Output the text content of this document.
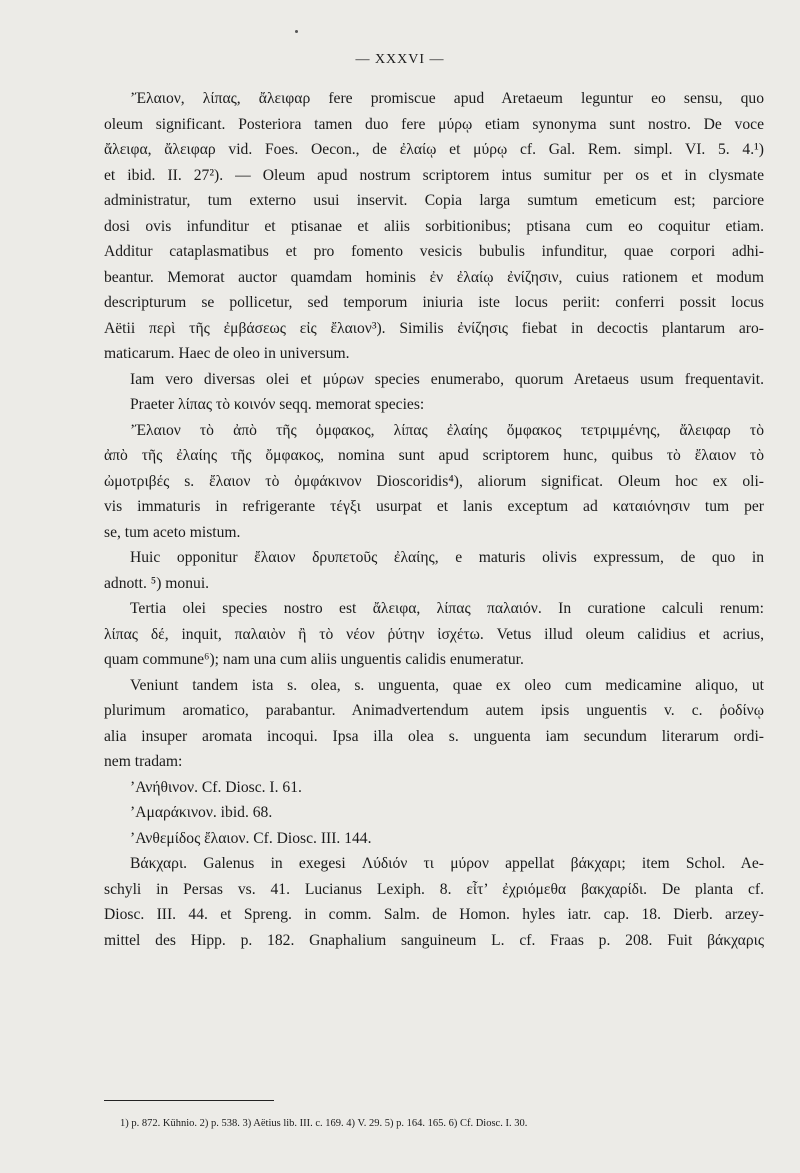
— XXXVI —
’Έλαιον, λίπας, ἄλειφαρ fere promiscue apud Aretaeum leguntur eo sensu, quo
oleum significant. Posteriora tamen duo fere μύρῳ etiam synonyma sunt nostro. De voce
ἄλειφα, ἄλειφαρ vid. Foes. Oecon., de ἐλαίῳ et μύρῳ cf. Gal. Rem. simpl. VI. 5. 4.¹)
et ibid. II. 27²). — Oleum apud nostrum scriptorem intus sumitur per os et in clysmate
administratur, tum externo usui inservit. Copia larga sumtum emeticum est; parciore
dosi ovis infunditur et ptisanae et aliis sorbitionibus; ptisana cum eo coquitur etiam.
Additur cataplasmatibus et pro fomento vesicis bubulis infunditur, quae corpori adhi-
beantur. Memorat auctor quamdam hominis ἐν ἐλαίῳ ἐνίζησιν, cuius rationem et modum
descripturum se pollicetur, sed temporum iniuria iste locus periit: conferri possit locus
Aëtii περὶ τῆς ἐμβάσεως εἰς ἔλαιον³). Similis ἐνίζησις fiebat in decoctis plantarum aro-
maticarum. Haec de oleo in universum.
Iam vero diversas olei et μύρων species enumerabo, quorum Aretaeus usum frequentavit.
Praeter λίπας τὸ κοινόν seqq. memorat species:
’Έλαιον τὸ ἀπὸ τῆς ὀμφακος, λίπας ἐλαίης ὄμφακος τετριμμένης, ἄλειφαρ τὸ
ἀπὸ τῆς ἐλαίης τῆς ὄμφακος, nomina sunt apud scriptorem hunc, quibus τὸ ἔλαιον τὸ
ὠμοτριβές s. ἔλαιον τὸ ὀμφάκινον Dioscoridis⁴), aliorum significat. Oleum hoc ex oli-
vis immaturis in refrigerante τέγξι usurpat et lanis exceptum ad καταιόνησιν tum per
se, tum aceto mistum.
Huic opponitur ἔλαιον δρυπετοῦς ἐλαίης, e maturis olivis expressum, de quo in
adnott. ⁵) monui.
Tertia olei species nostro est ἄλειφα, λίπας παλαιόν. In curatione calculi renum:
λίπας δέ, inquit, παλαιὸν ἢ τὸ νέον ῥύτην ἰσχέτω. Vetus illud oleum calidius et acrius,
quam commune⁶); nam una cum aliis unguentis calidis enumeratur.
Veniunt tandem ista s. olea, s. unguenta, quae ex oleo cum medicamine aliquo, ut
plurimum aromatico, parabantur. Animadvertendum autem ipsis unguentis v. c. ῥοδίνῳ
alia insuper aromata incoqui. Ipsa illa olea s. unguenta iam secundum literarum ordi-
nem tradam:
’Ανήθινον. Cf. Diosc. I. 61.
’Αμαράκινον. ibid. 68.
’Ανθεμίδος ἔλαιον. Cf. Diosc. III. 144.
Βάκχαρι. Galenus in exegesi Λύδιόν τι μύρον appellat βάκχαρι; item Schol. Ae-
schyli in Persas vs. 41. Lucianus Lexiph. 8. εἶτ’ ἐχριόμεθα βακχαρίδι. De planta cf.
Diosc. III. 44. et Spreng. in comm. Salm. de Homon. hyles iatr. cap. 18. Dierb. arzey-
mittel des Hipp. p. 182. Gnaphalium sanguineum L. cf. Fraas p. 208. Fuit βάκχαρις
1) p. 872. Kühnio. 2) p. 538. 3) Aëtius lib. III. c. 169. 4) V. 29. 5) p. 164. 165. 6) Cf. Diosc. I. 30.
